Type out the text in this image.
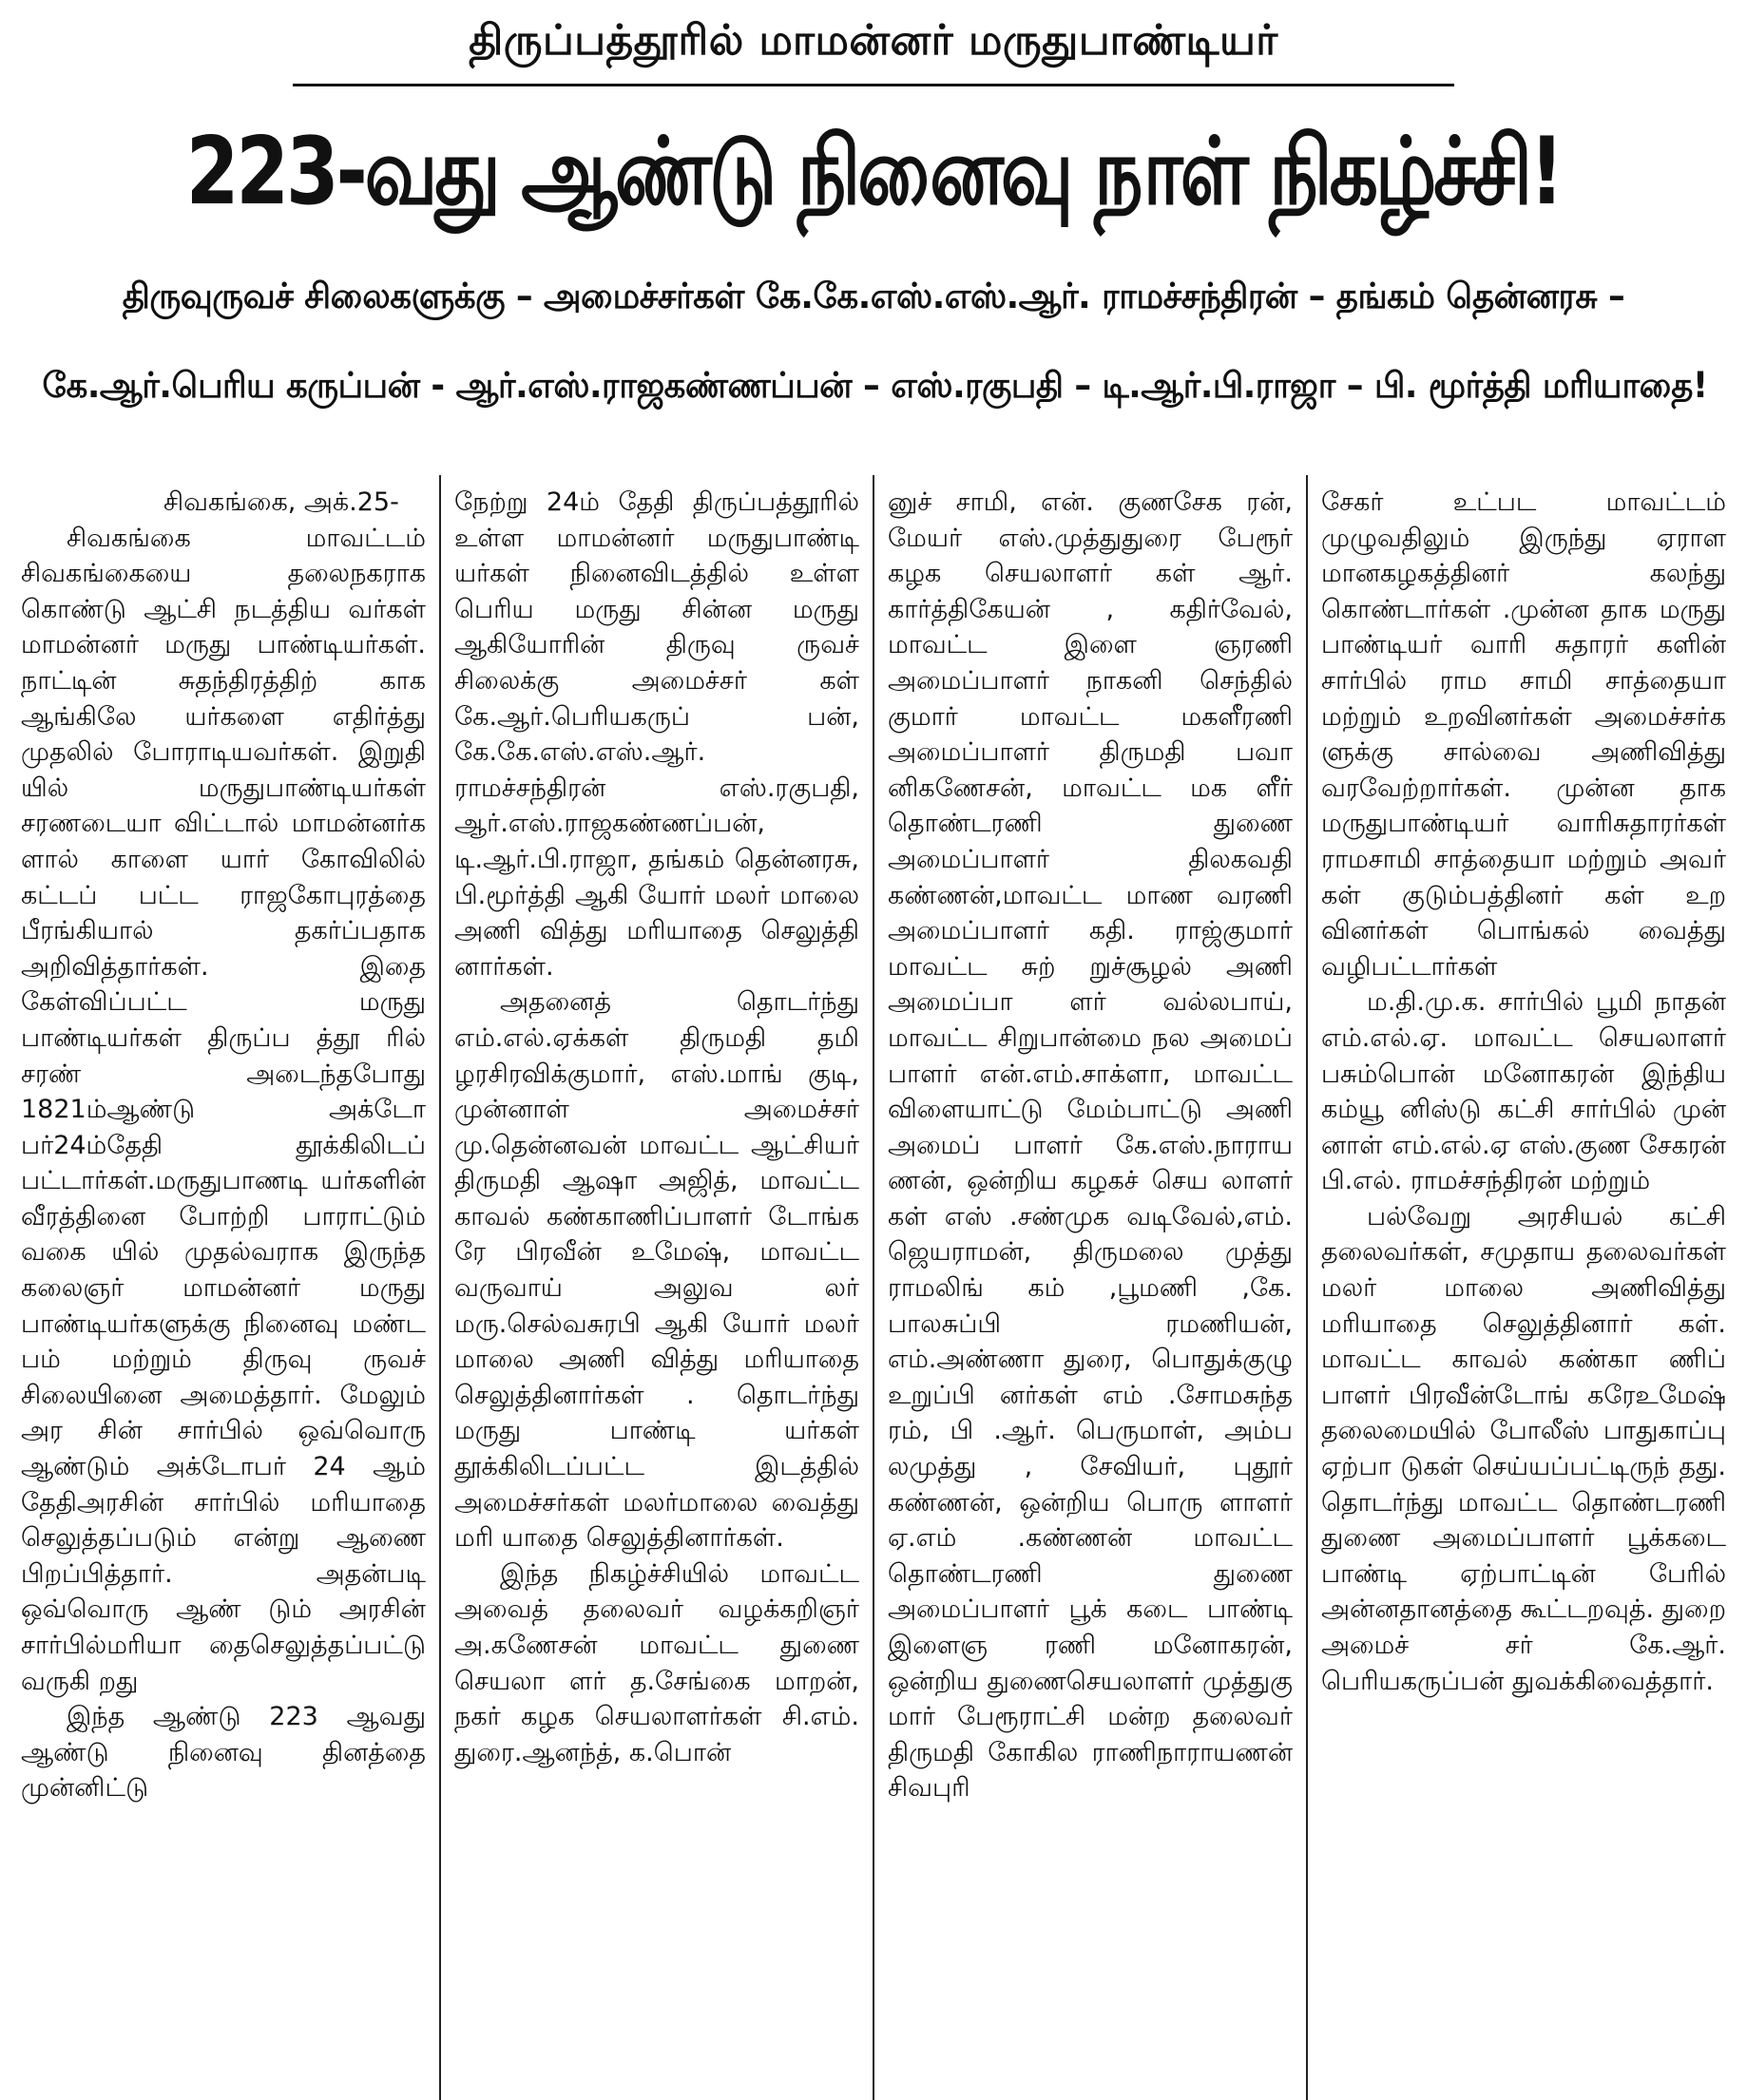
திருப்பத்தூரில் மாமன்னர் மருதுபாண்டியர்
223-வது ஆண்டு நினைவு நாள் நிகழ்ச்சி!
திருவுருவச் சிலைகளுக்கு – அமைச்சர்கள் கே.கே.எஸ்.எஸ்.ஆர். ராமச்சந்திரன் – தங்கம் தென்னரசு –
கே.ஆர்.பெரிய கருப்பன் - ஆர்.எஸ்.ராஜகண்ணப்பன் – எஸ்.ரகுபதி – டி.ஆர்.பி.ராஜா – பி. மூர்த்தி மரியாதை!

சிவகங்கை, அக்.25-

சிவகங்கை மாவட்டம் சிவகங்கையை தலைநகராக கொண்டு ஆட்சி நடத்திய வர்கள் மாமன்னர் மருது பாண்டியர்கள். நாட்டின் சுதந்திரத்திற் காக ஆங்கிலே யர்களை எதிர்த்து முதலில் போராடியவர்கள். இறுதி யில் மருதுபாண்டியர்கள் சரணடையா விட்டால் மாமன்னர்க ளால் காளை யார் கோவிலில் கட்டப் பட்ட ராஜகோபுரத்தை பீரங்கியால் தகர்ப்பதாக அறிவித்தார்கள். இதை கேள்விப்பட்ட மருது பாண்டியர்கள் திருப்ப த்தூ ரில் சரண் அடைந்தபோது 1821ம்ஆண்டு அக்டோ பர்24ம்தேதி தூக்கிலிடப் பட்டார்கள்.மருதுபாணடி யர்களின் வீரத்தினை போற்றி பாராட்டும் வகை யில் முதல்வராக இருந்த கலைஞர் மாமன்னர் மருது பாண்டியர்களுக்கு நினைவு மண்ட பம் மற்றும் திருவு ருவச் சிலையினை அமைத்தார். மேலும் அர சின் சார்பில் ஒவ்வொரு ஆண்டும் அக்டோபர் 24 ஆம் தேதிஅரசின் சார்பில் மரியாதை செலுத்தப்படும் என்று ஆணை பிறப்பித்தார். அதன்படி ஒவ்வொரு ஆண் டும் அரசின் சார்பில்மரியா தைசெலுத்தப்பட்டு வருகி றது

இந்த ஆண்டு 223 ஆவது ஆண்டு நினைவு தினத்தை முன்னிட்டு

நேற்று 24ம் தேதி திருப்பத்தூரில் உள்ள மாமன்னர் மருதுபாண்டி யர்கள் நினைவிடத்தில் உள்ள பெரிய மருது சின்ன மருது ஆகியோரின் திருவு ருவச் சிலைக்கு அமைச்சர் கள் கே.ஆர்.பெரியகருப் பன், கே.கே.எஸ்.எஸ்.ஆர். ராமச்சந்திரன் எஸ்.ரகுபதி, ஆர்.எஸ்.ராஜகண்ணப்பன், டி.ஆர்.பி.ராஜா, தங்கம் தென்னரசு, பி.மூர்த்தி ஆகி யோர் மலர் மாலை அணி வித்து மரியாதை செலுத்தி னார்கள்.

அதனைத் தொடர்ந்து எம்.எல்.ஏக்கள் திருமதி தமி ழரசிரவிக்குமார், எஸ்.மாங் குடி, முன்னாள் அமைச்சர் மு.தென்னவன் மாவட்ட ஆட்சியர் திருமதி ஆஷா அஜித், மாவட்ட காவல் கண்காணிப்பாளர் டோங்க ரே பிரவீன் உமேஷ், மாவட்ட வருவாய் அலுவ லர் மரு.செல்வசுரபி ஆகி யோர் மலர் மாலை அணி வித்து மரியாதை செலுத்தினார்கள் . தொடர்ந்து மருது பாண்டி யர்கள் தூக்கிலிடப்பட்ட இடத்தில் அமைச்சர்கள் மலர்மாலை வைத்து மரி யாதை செலுத்தினார்கள்.

இந்த நிகழ்ச்சியில் மாவட்ட அவைத் தலைவர் வழக்கறிஞர் அ.கணேசன் மாவட்ட துணை செயலா ளர் த.சேங்கை மாறன், நகர் கழக செயலாளர்கள் சி.எம். துரை.ஆனந்த், க.பொன்

னுச் சாமி, என். குணசேக ரன், மேயர் எஸ்.முத்துதுரை பேரூர் கழக செயலாளர் கள் ஆர். கார்த்திகேயன் , கதிர்வேல், மாவட்ட இளை ஞரணி அமைப்பாளர் நாகனி செந்தில் குமார் மாவட்ட மகளீரணி அமைப்பாளர் திருமதி பவா னிகணேசன், மாவட்ட மக ளீர் தொண்டரணி துணை அமைப்பாளர் திலகவதி கண்ணன்,மாவட்ட மாண வரணி அமைப்பாளர் கதி. ராஜ்குமார் மாவட்ட சுற் றுச்சூழல் அணி அமைப்பா ளர் வல்லபாய், மாவட்ட சிறுபான்மை நல அமைப் பாளர் என்.எம்.சாக்ளா, மாவட்ட விளையாட்டு மேம்பாட்டு அணி அமைப் பாளர் கே.எஸ்.நாராய ணன், ஒன்றிய கழகச் செய லாளர் கள் எஸ் .சண்முக வடிவேல்,எம். ஜெயராமன், திருமலை முத்து ராமலிங் கம் ,பூமணி ,கே. பாலசுப்பி ரமணியன், எம்.அண்ணா துரை, பொதுக்குழு உறுப்பி னர்கள் எம் .சோமசுந்த ரம், பி .ஆர். பெருமாள், அம்ப லமுத்து , சேவியர், புதூர் கண்ணன், ஒன்றிய பொரு ளாளர் ஏ.எம் .கண்ணன் மாவட்ட தொண்டரணி துணை அமைப்பாளர் பூக் கடை பாண்டி இளைஞ ரணி மனோகரன், ஒன்றிய துணைசெயலாளர் முத்துகு மார் பேரூராட்சி மன்ற தலைவர் திருமதி கோகில ராணிநாராயணன் சிவபுரி

சேகர் உட்பட மாவட்டம் முழுவதிலும் இருந்து ஏராள மானகழகத்தினர் கலந்து கொண்டார்கள் .முன்ன தாக மருது பாண்டியர் வாரி சுதாரர் களின் சார்பில் ராம சாமி சாத்தையா மற்றும் உறவினர்கள் அமைச்சர்க ளுக்கு சால்வை அணிவித்து வரவேற்றார்கள். முன்ன தாக மருதுபாண்டியர் வாரிசுதாரர்கள் ராமசாமி சாத்தையா மற்றும் அவர் கள் குடும்பத்தினர் கள் உற வினர்கள் பொங்கல் வைத்து வழிபட்டார்கள்

ம.தி.மு.க. சார்பில் பூமி நாதன் எம்.எல்.ஏ. மாவட்ட செயலாளர் பசும்பொன் மனோகரன் இந்திய கம்யூ னிஸ்டு கட்சி சார்பில் முன் னாள் எம்.எல்.ஏ எஸ்.குண சேகரன் பி.எல். ராமச்சந்திரன் மற்றும்

பல்வேறு அரசியல் கட்சி தலைவர்கள், சமுதாய தலைவர்கள் மலர் மாலை அணிவித்து மரியாதை செலுத்தினார் கள். மாவட்ட காவல் கண்கா ணிப் பாளர் பிரவீன்டோங் கரேஉமேஷ் தலைமையில் போலீஸ் பாதுகாப்பு ஏற்பா டுகள் செய்யப்பட்டிருந் தது. தொடர்ந்து மாவட்ட தொண்டரணி துணை அமைப்பாளர் பூக்கடை பாண்டி ஏற்பாட்டின் பேரில் அன்னதானத்தை கூட்டறவுத். துறை அமைச் சர் கே.ஆர். பெரியகருப்பன் துவக்கிவைத்தார்.
